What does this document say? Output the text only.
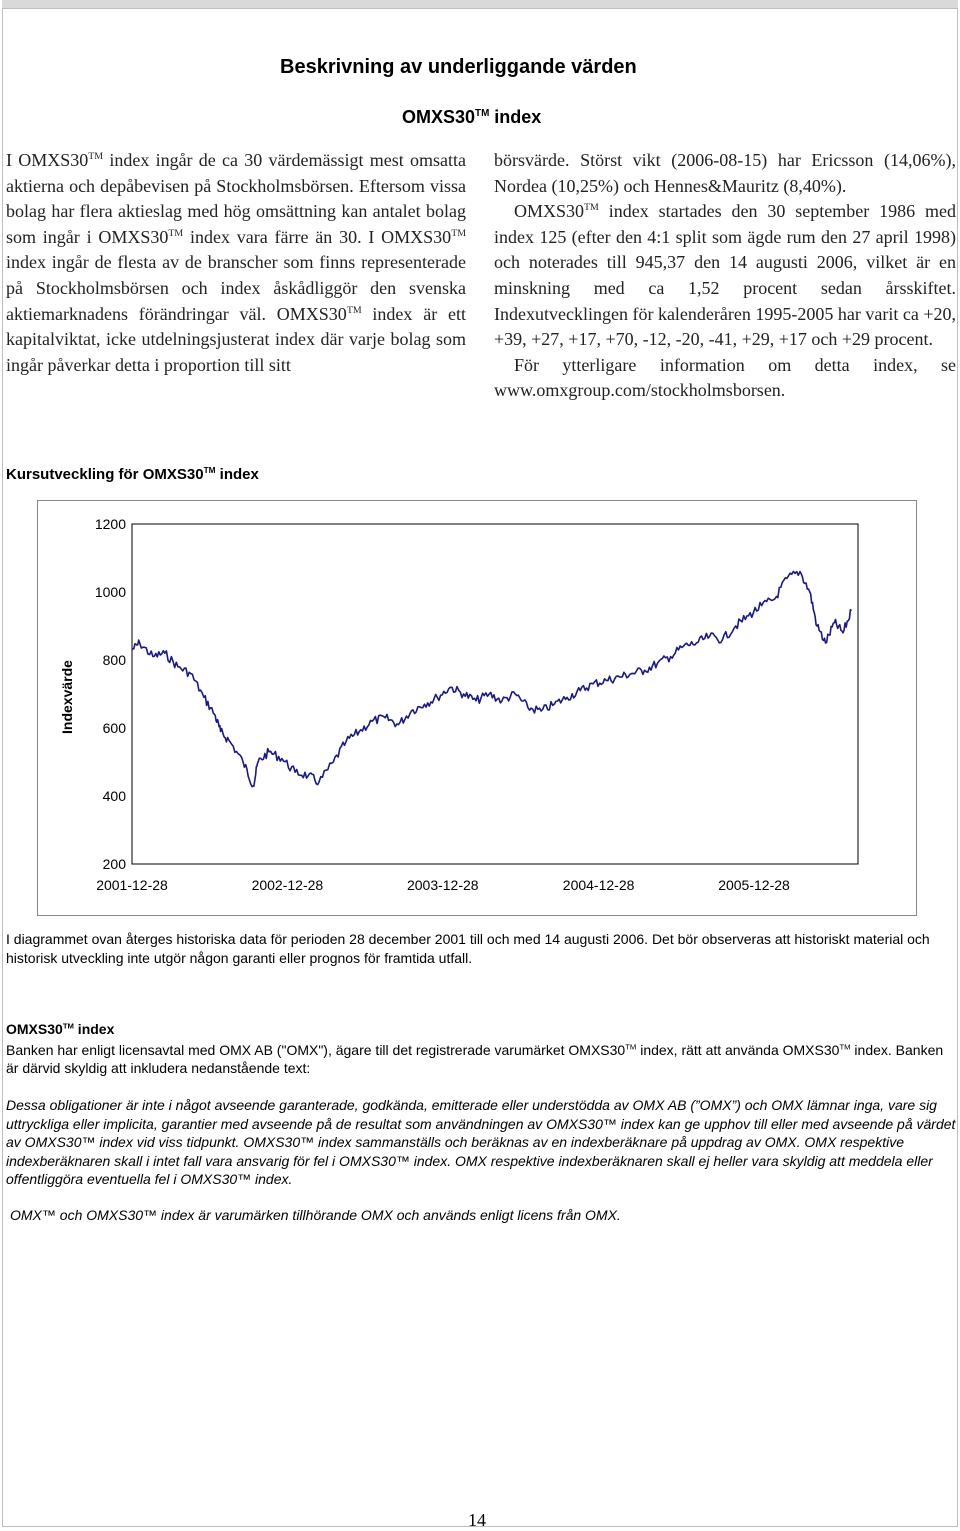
Beskrivning av underliggande värden
OMXS30™ index

I OMXS30™ index ingår de ca 30 värdemässigt mest omsatta aktierna och depåbevisen på Stockholmsbörsen. Eftersom vissa bolag har flera aktieslag med hög omsättning kan antalet bolag som ingår i OMXS30™ index vara färre än 30. I OMXS30™ index ingår de flesta av de branscher som finns representerade på Stockholmsbörsen och index åskådliggör den svenska aktiemarknadens förändringar väl. OMXS30™ index är ett kapitalviktat, icke utdelningsjusterat index där varje bolag som ingår påverkar detta i proportion till sitt

börsvärde. Störst vikt (2006-08-15) har Ericsson (14,06%), Nordea (10,25%) och Hennes&Mauritz (8,40%).

OMXS30™ index startades den 30 september 1986 med index 125 (efter den 4:1 split som ägde rum den 27 april 1998) och noterades till 945,37 den 14 augusti 2006, vilket är en minskning med ca 1,52 procent sedan årsskiftet. Indexutvecklingen för kalenderåren 1995-2005 har varit ca +20, +39, +27, +17, +70, -12, -20, -41, +29, +17 och +29 procent.

För ytterligare information om detta index, se www.omxgroup.com/stockholmsborsen.

Kursutveckling för OMXS30™ index
1200
1000
800
600
400
200
2001-12-28	2002-12-28	2003-12-28	2004-12-28	2005-12-28
Indexvärde
I diagrammet ovan återges historiska data för perioden 28 december 2001 till och med 14 augusti 2006. Det bör observeras att historiskt material och historisk utveckling inte utgör någon garanti eller prognos för framtida utfall.
OMXS30™ index
Banken har enligt licensavtal med OMX AB ("OMX"), ägare till det registrerade varumärket OMXS30™ index, rätt att använda OMXS30™ index. Banken är därvid skyldig att inkludera nedanstående text:
Dessa obligationer är inte i något avseende garanterade, godkända, emitterade eller understödda av OMX AB (”OMX”) och OMX lämnar inga, vare sig uttryckliga eller implicita, garantier med avseende på de resultat som användningen av OMXS30™ index kan ge upphov till eller med avseende på värdet av OMXS30™ index vid viss tidpunkt. OMXS30™ index sammanställs och beräknas av en indexberäknare på uppdrag av OMX. OMX respektive indexberäknaren skall i intet fall vara ansvarig för fel i OMXS30™ index. OMX respektive indexberäknaren skall ej heller vara skyldig att meddela eller offentliggöra eventuella fel i OMXS30™ index.
OMX™ och OMXS30™ index är varumärken tillhörande OMX och används enligt licens från OMX.
14
